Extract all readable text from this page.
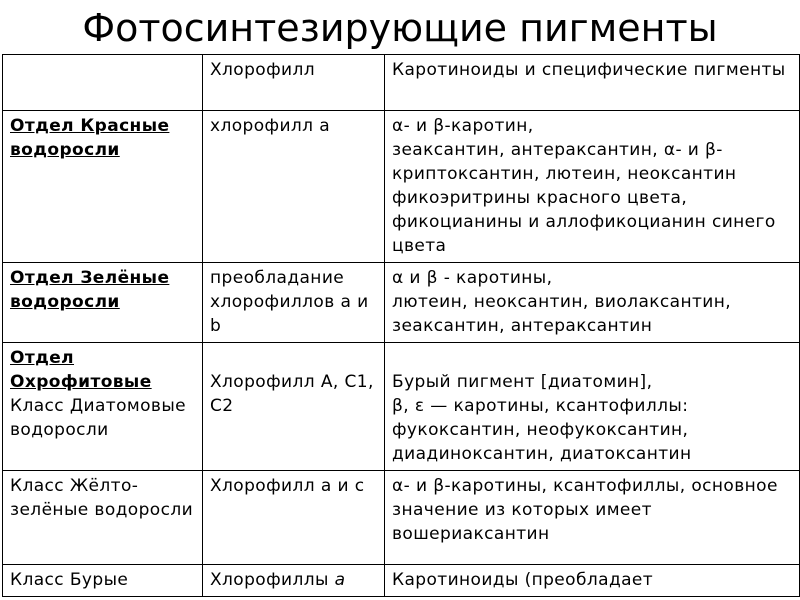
Фотосинтезирующие пигменты
	Хлорофилл	Каротиноиды и специфические пигменты

Отдел Красные водоросли	хлорофилл а	α- и β-каротин,
зеаксантин, антераксантин, α- и β-криптоксантин, лютеин, неоксантин
фикоэритрины красного цвета,
фикоцианины и аллофикоцианин синего цвета

Отдел Зелёные водоросли	преобладание хлорофиллов а и b	α и β - каротины,
лютеин, неоксантин, виолаксантин, зеаксантин, антераксантин

Отдел Охрофитовые
Класс Диатомовые водоросли	Хлорофилл А, С1, С2	Бурый пигмент [диатомин],
β, ε — каротины, ксантофиллы: фукоксантин, неофукоксантин, диадиноксантин, диатоксантин

Класс Жёлто-зелёные водоросли	Хлорофилл а и с	α- и β-каротины, ксантофиллы, основное значение из которых имеет вошериаксантин

Класс Бурые	Хлорофиллы а	Каротиноиды (преобладает
